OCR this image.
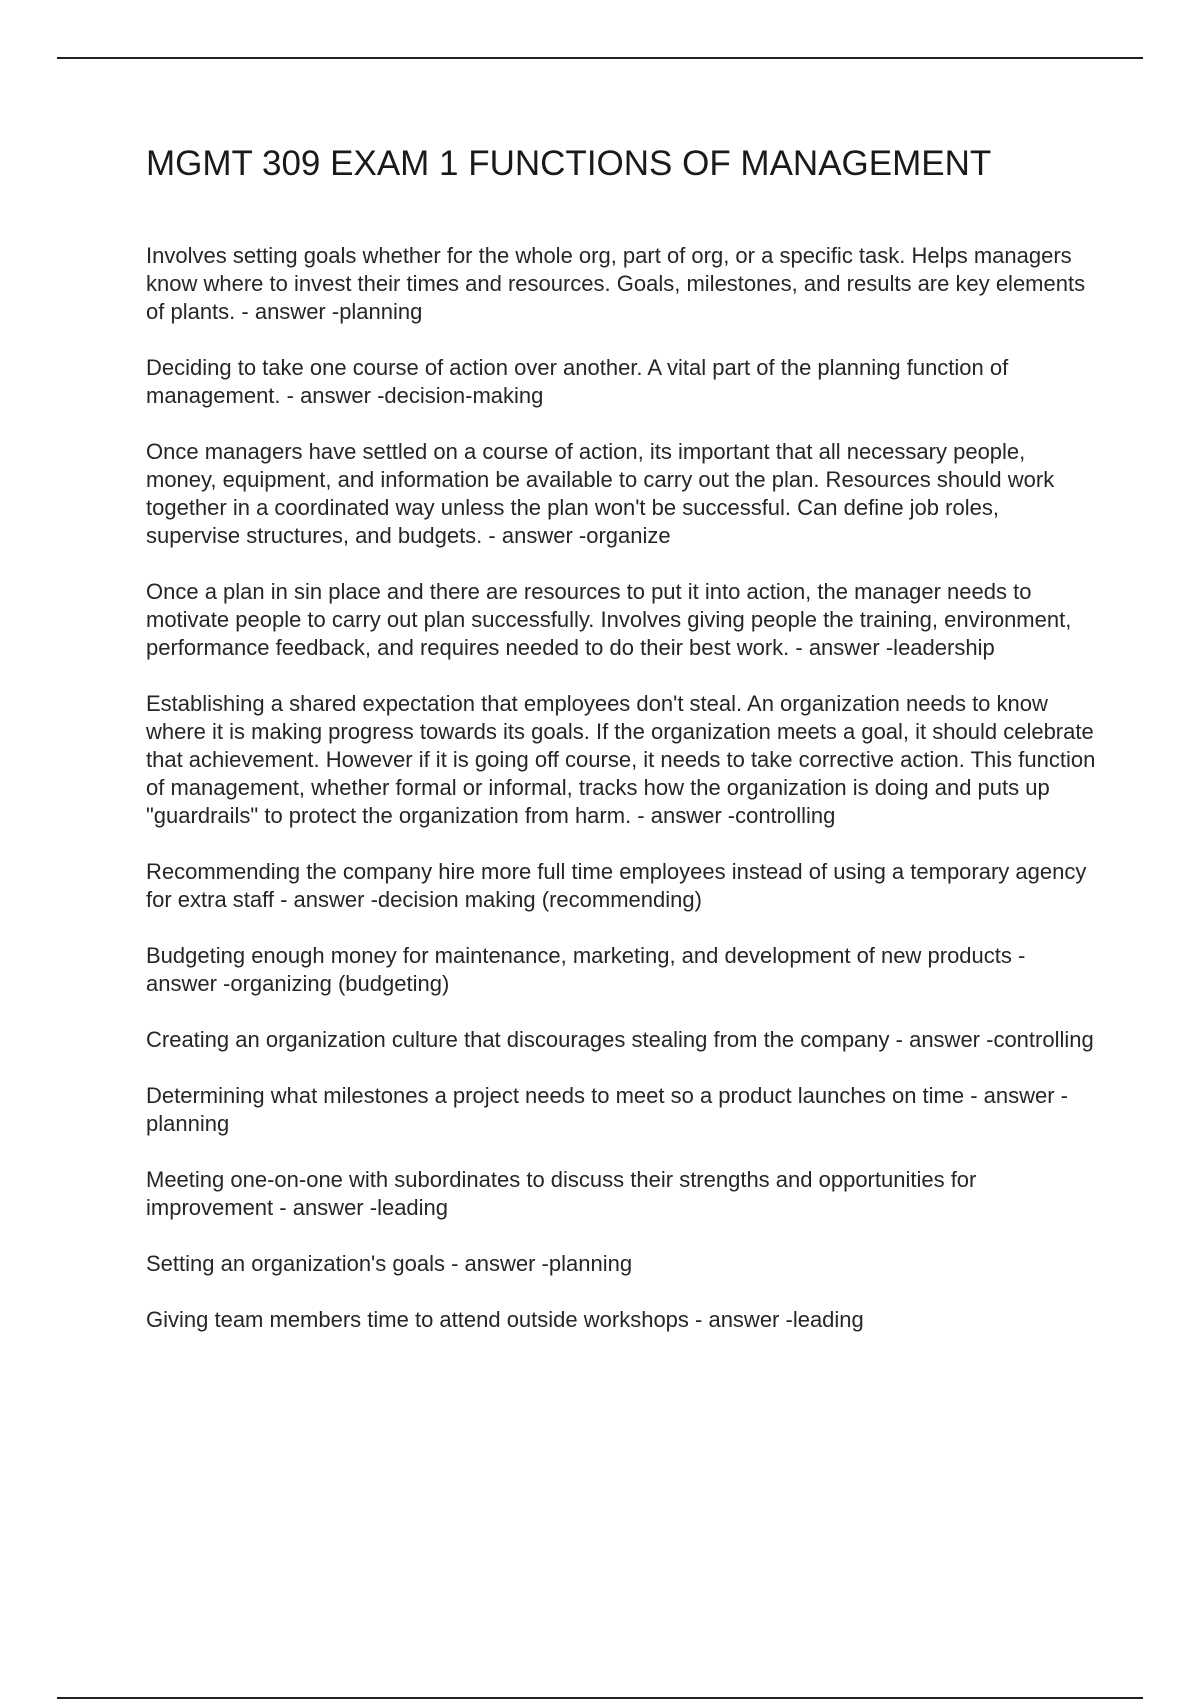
MGMT 309 EXAM 1 FUNCTIONS OF MANAGEMENT

Involves setting goals whether for the whole org, part of org, or a specific task. Helps managers know where to invest their times and resources. Goals, milestones, and results are key elements of plants. - answer -planning

Deciding to take one course of action over another. A vital part of the planning function of management. - answer -decision-making

Once managers have settled on a course of action, its important that all necessary people, money, equipment, and information be available to carry out the plan. Resources should work together in a coordinated way unless the plan won't be successful. Can define job roles, supervise structures, and budgets. - answer -organize

Once a plan in sin place and there are resources to put it into action, the manager needs to motivate people to carry out plan successfully. Involves giving people the training, environment, performance feedback, and requires needed to do their best work. - answer -leadership

Establishing a shared expectation that employees don't steal. An organization needs to know where it is making progress towards its goals. If the organization meets a goal, it should celebrate that achievement. However if it is going off course, it needs to take corrective action. This function of management, whether formal or informal, tracks how the organization is doing and puts up "guardrails" to protect the organization from harm. - answer -controlling

Recommending the company hire more full time employees instead of using a temporary agency for extra staff - answer -decision making (recommending)

Budgeting enough money for maintenance, marketing, and development of new products - answer -organizing (budgeting)

Creating an organization culture that discourages stealing from the company - answer -controlling

Determining what milestones a project needs to meet so a product launches on time - answer -planning

Meeting one-on-one with subordinates to discuss their strengths and opportunities for improvement - answer -leading

Setting an organization's goals - answer -planning

Giving team members time to attend outside workshops - answer -leading
